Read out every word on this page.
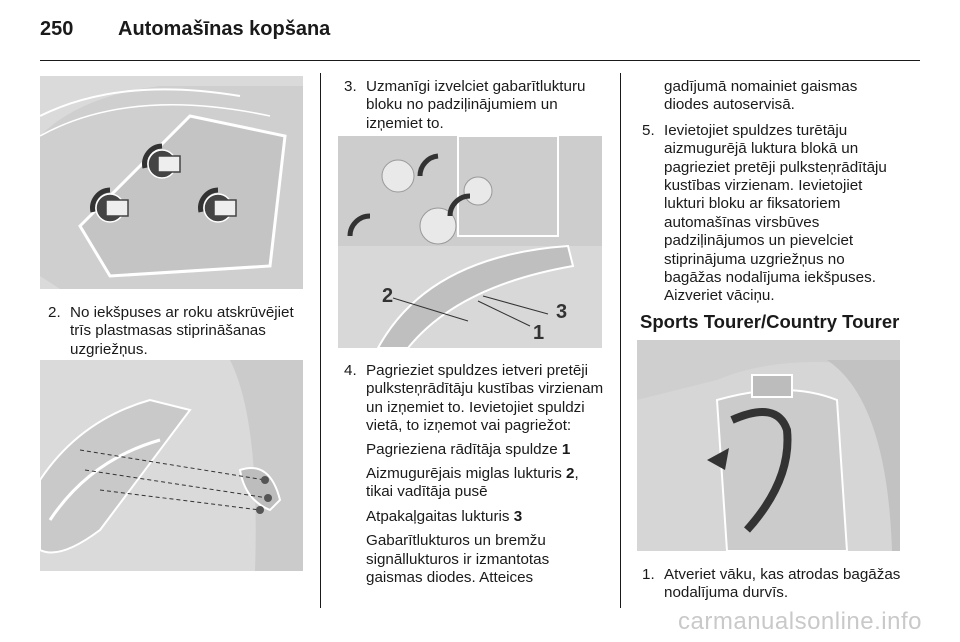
250 Automašīnas kopšana
2. No iekšpuses ar roku atskrūvējiet trīs plastmasas stiprināšanas uzgriežņus.
3. Uzmanīgi izvelciet gabarītlukturu bloku no padziļinājumiem un izņemiet to.
2
3
1
4. Pagrieziet spuldzes ietveri pretēji pulksteņrādītāju kustības virzienam un izņemiet to. Ievietojiet spuldzi vietā, to izņemot vai pagriežot:
Pagrieziena rādītāja spuldze 1
Aizmugurējais miglas lukturis 2, tikai vadītāja pusē
Atpakaļgaitas lukturis 3
Gabarītlukturos un bremžu signāllukturos ir izmantotas gaismas diodes. Atteices
gadījumā nomainiet gaismas diodes autoservisā.
5. Ievietojiet spuldzes turētāju aizmugurējā luktura blokā un pagrieziet pretēji pulksteņrādītāju kustības virzienam. Ievietojiet lukturi bloku ar fiksatoriem automašīnas virsbūves padziļinājumos un pievelciet stiprinājuma uzgriežņus no bagāžas nodalījuma iekšpuses. Aizveriet vāciņu.
Sports Tourer/Country Tourer
1. Atveriet vāku, kas atrodas bagāžas nodalījuma durvīs.
carmanualsonline.info
